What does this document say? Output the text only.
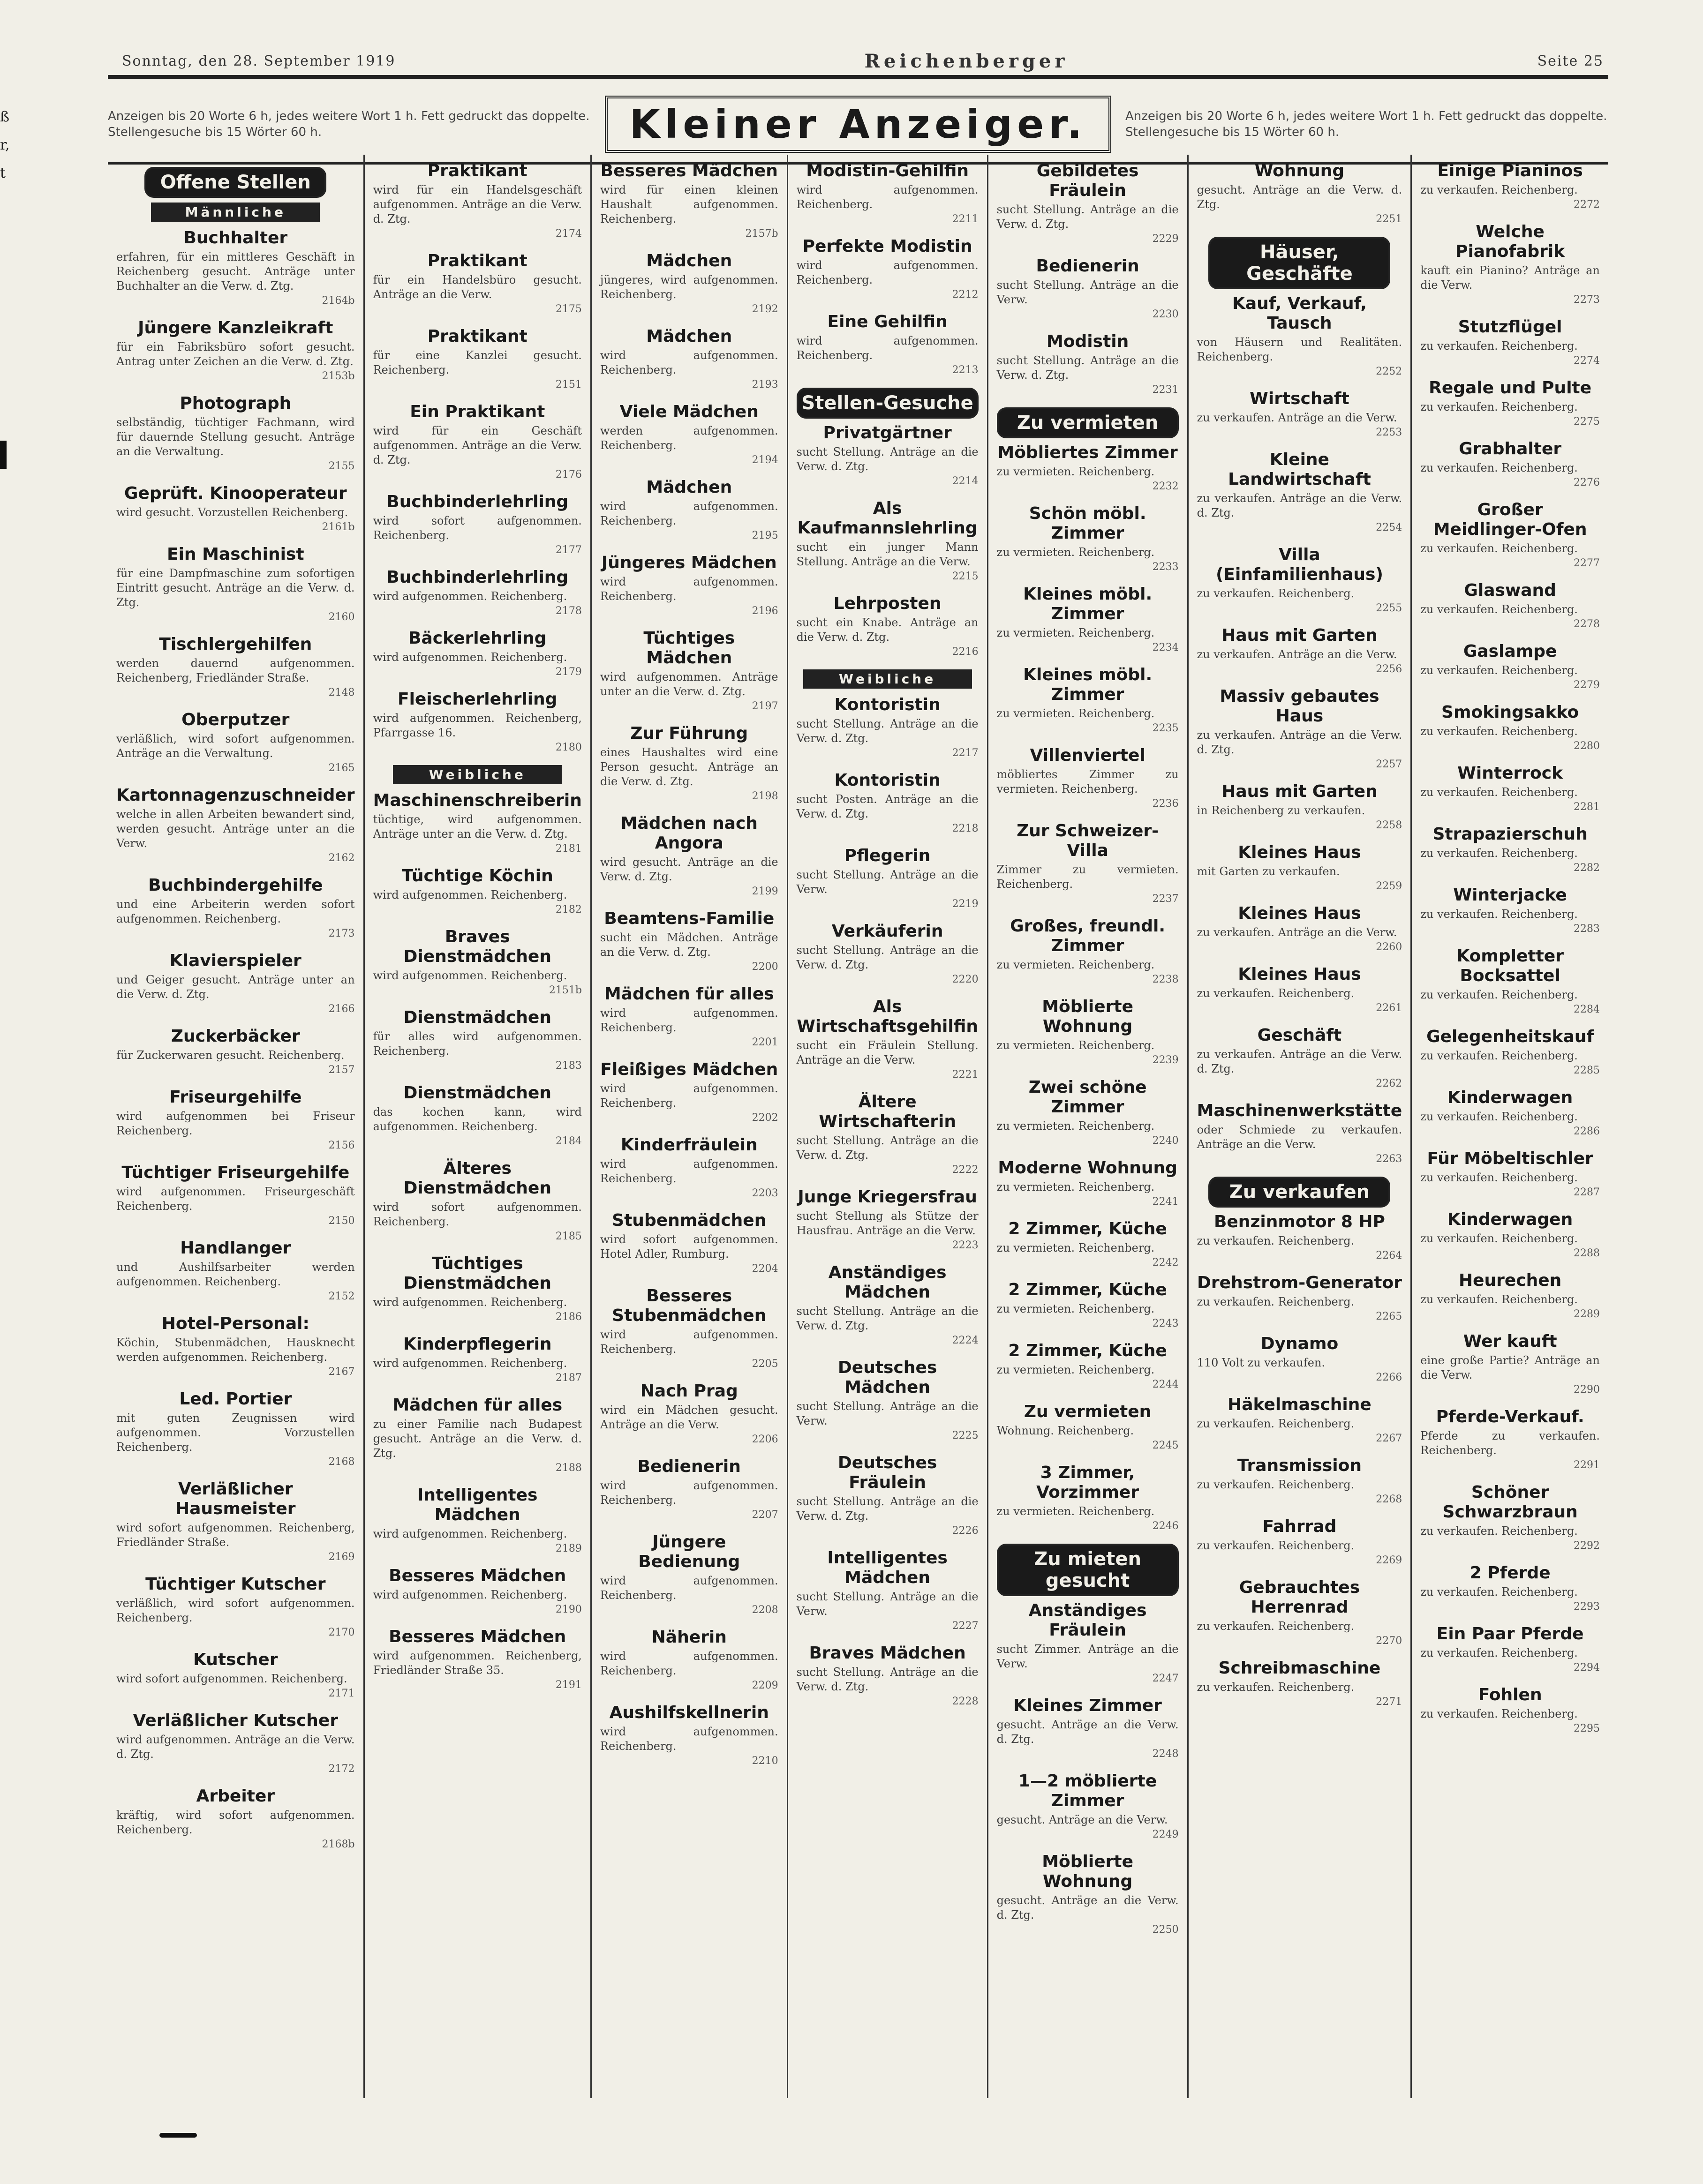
ß
r,
t
Sonntag, den 28. September 1919	Reichenberger	Seite 25
Anzeigen bis 20 Worte 6 h, jedes weitere Wort 1 h. Fett gedruckt das doppelte. Stellengesuche bis 15 Wörter 60 h.	Kleiner Anzeiger.	Anzeigen bis 20 Worte 6 h, jedes weitere Wort 1 h. Fett gedruckt das doppelte. Stellengesuche bis 15 Wörter 60 h.
Offene Stellen
Männliche
Buchhalter

erfahren, für ein mittleres Geschäft in Reichenberg gesucht. Anträge unter Buchhalter an die Verw. d. Ztg.

2164b

Jüngere Kanzleikraft

für ein Fabriksbüro sofort gesucht. Antrag unter Zeichen an die Verw. d. Ztg.

2153b

Photograph

selbständig, tüchtiger Fachmann, wird für dauernde Stellung gesucht. Anträge an die Verwaltung.

2155

Geprüft. Kinooperateur

wird gesucht. Vorzustellen Reichenberg.

2161b

Ein Maschinist

für eine Dampfmaschine zum sofortigen Eintritt gesucht. Anträge an die Verw. d. Ztg.

2160

Tischlergehilfen

werden dauernd aufgenommen. Reichenberg, Friedländer Straße.

2148

Oberputzer

verläßlich, wird sofort aufgenommen. Anträge an die Verwaltung.

2165

Kartonnagenzuschneider

welche in allen Arbeiten bewandert sind, werden gesucht. Anträge unter an die Verw.

2162

Buchbindergehilfe

und eine Arbeiterin werden sofort aufgenommen. Reichenberg.

2173

Klavierspieler

und Geiger gesucht. Anträge unter an die Verw. d. Ztg.

2166

Zuckerbäcker

für Zuckerwaren gesucht. Reichenberg.

2157

Friseurgehilfe

wird aufgenommen bei Friseur Reichenberg.

2156

Tüchtiger Friseurgehilfe

wird aufgenommen. Friseurgeschäft Reichenberg.

2150

Handlanger

und Aushilfsarbeiter werden aufgenommen. Reichenberg.

2152

Hotel-Personal:

Köchin, Stubenmädchen, Hausknecht werden aufgenommen. Reichenberg.

2167

Led. Portier

mit guten Zeugnissen wird aufgenommen. Vorzustellen Reichenberg.

2168

Verläßlicher Hausmeister

wird sofort aufgenommen. Reichenberg, Friedländer Straße.

2169

Tüchtiger Kutscher

verläßlich, wird sofort aufgenommen. Reichenberg.

2170

Kutscher

wird sofort aufgenommen. Reichenberg.

2171

Verläßlicher Kutscher

wird aufgenommen. Anträge an die Verw. d. Ztg.

2172

Arbeiter

kräftig, wird sofort aufgenommen. Reichenberg.

2168b

Praktikant

wird für ein Handelsgeschäft aufgenommen. Anträge an die Verw. d. Ztg.

2174

Praktikant

für ein Handelsbüro gesucht. Anträge an die Verw.

2175

Praktikant

für eine Kanzlei gesucht. Reichenberg.

2151

Ein Praktikant

wird für ein Geschäft aufgenommen. Anträge an die Verw. d. Ztg.

2176

Buchbinderlehrling

wird sofort aufgenommen. Reichenberg.

2177

Buchbinderlehrling

wird aufgenommen. Reichenberg.

2178

Bäckerlehrling

wird aufgenommen. Reichenberg.

2179

Fleischerlehrling

wird aufgenommen. Reichenberg, Pfarrgasse 16.

2180

Weibliche
Maschinenschreiberin

tüchtige, wird aufgenommen. Anträge unter an die Verw. d. Ztg.

2181

Tüchtige Köchin

wird aufgenommen. Reichenberg.

2182

Braves Dienstmädchen

wird aufgenommen. Reichenberg.

2151b

Dienstmädchen

für alles wird aufgenommen. Reichenberg.

2183

Dienstmädchen

das kochen kann, wird aufgenommen. Reichenberg.

2184

Älteres Dienstmädchen

wird sofort aufgenommen. Reichenberg.

2185

Tüchtiges Dienstmädchen

wird aufgenommen. Reichenberg.

2186

Kinderpflegerin

wird aufgenommen. Reichenberg.

2187

Mädchen für alles

zu einer Familie nach Budapest gesucht. Anträge an die Verw. d. Ztg.

2188

Intelligentes Mädchen

wird aufgenommen. Reichenberg.

2189

Besseres Mädchen

wird aufgenommen. Reichenberg.

2190

Besseres Mädchen

wird aufgenommen. Reichenberg, Friedländer Straße 35.

2191

Besseres Mädchen

wird für einen kleinen Haushalt aufgenommen. Reichenberg.

2157b

Mädchen

jüngeres, wird aufgenommen. Reichenberg.

2192

Mädchen

wird aufgenommen. Reichenberg.

2193

Viele Mädchen

werden aufgenommen. Reichenberg.

2194

Mädchen

wird aufgenommen. Reichenberg.

2195

Jüngeres Mädchen

wird aufgenommen. Reichenberg.

2196

Tüchtiges Mädchen

wird aufgenommen. Anträge unter an die Verw. d. Ztg.

2197

Zur Führung

eines Haushaltes wird eine Person gesucht. Anträge an die Verw. d. Ztg.

2198

Mädchen nach Angora

wird gesucht. Anträge an die Verw. d. Ztg.

2199

Beamtens-Familie

sucht ein Mädchen. Anträge an die Verw. d. Ztg.

2200

Mädchen für alles

wird aufgenommen. Reichenberg.

2201

Fleißiges Mädchen

wird aufgenommen. Reichenberg.

2202

Kinderfräulein

wird aufgenommen. Reichenberg.

2203

Stubenmädchen

wird sofort aufgenommen. Hotel Adler, Rumburg.

2204

Besseres Stubenmädchen

wird aufgenommen. Reichenberg.

2205

Nach Prag

wird ein Mädchen gesucht. Anträge an die Verw.

2206

Bedienerin

wird aufgenommen. Reichenberg.

2207

Jüngere Bedienung

wird aufgenommen. Reichenberg.

2208

Näherin

wird aufgenommen. Reichenberg.

2209

Aushilfskellnerin

wird aufgenommen. Reichenberg.

2210

Modistin-Gehilfin

wird aufgenommen. Reichenberg.

2211

Perfekte Modistin

wird aufgenommen. Reichenberg.

2212

Eine Gehilfin

wird aufgenommen. Reichenberg.

2213

Stellen-Gesuche
Privatgärtner

sucht Stellung. Anträge an die Verw. d. Ztg.

2214

Als Kaufmannslehrling

sucht ein junger Mann Stellung. Anträge an die Verw.

2215

Lehrposten

sucht ein Knabe. Anträge an die Verw. d. Ztg.

2216

Weibliche
Kontoristin

sucht Stellung. Anträge an die Verw. d. Ztg.

2217

Kontoristin

sucht Posten. Anträge an die Verw. d. Ztg.

2218

Pflegerin

sucht Stellung. Anträge an die Verw.

2219

Verkäuferin

sucht Stellung. Anträge an die Verw. d. Ztg.

2220

Als Wirtschaftsgehilfin

sucht ein Fräulein Stellung. Anträge an die Verw.

2221

Ältere Wirtschafterin

sucht Stellung. Anträge an die Verw. d. Ztg.

2222

Junge Kriegersfrau

sucht Stellung als Stütze der Hausfrau. Anträge an die Verw.

2223

Anständiges Mädchen

sucht Stellung. Anträge an die Verw. d. Ztg.

2224

Deutsches Mädchen

sucht Stellung. Anträge an die Verw.

2225

Deutsches Fräulein

sucht Stellung. Anträge an die Verw. d. Ztg.

2226

Intelligentes Mädchen

sucht Stellung. Anträge an die Verw.

2227

Braves Mädchen

sucht Stellung. Anträge an die Verw. d. Ztg.

2228

Gebildetes Fräulein

sucht Stellung. Anträge an die Verw. d. Ztg.

2229

Bedienerin

sucht Stellung. Anträge an die Verw.

2230

Modistin

sucht Stellung. Anträge an die Verw. d. Ztg.

2231

Zu vermieten
Möbliertes Zimmer

zu vermieten. Reichenberg.

2232

Schön möbl. Zimmer

zu vermieten. Reichenberg.

2233

Kleines möbl. Zimmer

zu vermieten. Reichenberg.

2234

Kleines möbl. Zimmer

zu vermieten. Reichenberg.

2235

Villenviertel

möbliertes Zimmer zu vermieten. Reichenberg.

2236

Zur Schweizer-Villa

Zimmer zu vermieten. Reichenberg.

2237

Großes, freundl. Zimmer

zu vermieten. Reichenberg.

2238

Möblierte Wohnung

zu vermieten. Reichenberg.

2239

Zwei schöne Zimmer

zu vermieten. Reichenberg.

2240

Moderne Wohnung

zu vermieten. Reichenberg.

2241

2 Zimmer, Küche

zu vermieten. Reichenberg.

2242

2 Zimmer, Küche

zu vermieten. Reichenberg.

2243

2 Zimmer, Küche

zu vermieten. Reichenberg.

2244

Zu vermieten

Wohnung. Reichenberg.

2245

3 Zimmer, Vorzimmer

zu vermieten. Reichenberg.

2246

Zu mieten gesucht
Anständiges Fräulein

sucht Zimmer. Anträge an die Verw.

2247

Kleines Zimmer

gesucht. Anträge an die Verw. d. Ztg.

2248

1—2 möblierte Zimmer

gesucht. Anträge an die Verw.

2249

Möblierte Wohnung

gesucht. Anträge an die Verw. d. Ztg.

2250

Wohnung

gesucht. Anträge an die Verw. d. Ztg.

2251

Häuser, Geschäfte
Kauf, Verkauf, Tausch

von Häusern und Realitäten. Reichenberg.

2252

Wirtschaft

zu verkaufen. Anträge an die Verw.

2253

Kleine Landwirtschaft

zu verkaufen. Anträge an die Verw. d. Ztg.

2254

Villa (Einfamilienhaus)

zu verkaufen. Reichenberg.

2255

Haus mit Garten

zu verkaufen. Anträge an die Verw.

2256

Massiv gebautes Haus

zu verkaufen. Anträge an die Verw. d. Ztg.

2257

Haus mit Garten

in Reichenberg zu verkaufen.

2258

Kleines Haus

mit Garten zu verkaufen.

2259

Kleines Haus

zu verkaufen. Anträge an die Verw.

2260

Kleines Haus

zu verkaufen. Reichenberg.

2261

Geschäft

zu verkaufen. Anträge an die Verw. d. Ztg.

2262

Maschinenwerkstätte

oder Schmiede zu verkaufen. Anträge an die Verw.

2263

Zu verkaufen
Benzinmotor 8 HP

zu verkaufen. Reichenberg.

2264

Drehstrom-Generator

zu verkaufen. Reichenberg.

2265

Dynamo

110 Volt zu verkaufen.

2266

Häkelmaschine

zu verkaufen. Reichenberg.

2267

Transmission

zu verkaufen. Reichenberg.

2268

Fahrrad

zu verkaufen. Reichenberg.

2269

Gebrauchtes Herrenrad

zu verkaufen. Reichenberg.

2270

Schreibmaschine

zu verkaufen. Reichenberg.

2271

Einige Pianinos

zu verkaufen. Reichenberg.

2272

Welche Pianofabrik

kauft ein Pianino? Anträge an die Verw.

2273

Stutzflügel

zu verkaufen. Reichenberg.

2274

Regale und Pulte

zu verkaufen. Reichenberg.

2275

Grabhalter

zu verkaufen. Reichenberg.

2276

Großer Meidlinger-Ofen

zu verkaufen. Reichenberg.

2277

Glaswand

zu verkaufen. Reichenberg.

2278

Gaslampe

zu verkaufen. Reichenberg.

2279

Smokingsakko

zu verkaufen. Reichenberg.

2280

Winterrock

zu verkaufen. Reichenberg.

2281

Strapazierschuh

zu verkaufen. Reichenberg.

2282

Winterjacke

zu verkaufen. Reichenberg.

2283

Kompletter Bocksattel

zu verkaufen. Reichenberg.

2284

Gelegenheitskauf

zu verkaufen. Reichenberg.

2285

Kinderwagen

zu verkaufen. Reichenberg.

2286

Für Möbeltischler

zu verkaufen. Reichenberg.

2287

Kinderwagen

zu verkaufen. Reichenberg.

2288

Heurechen

zu verkaufen. Reichenberg.

2289

Wer kauft

eine große Partie? Anträge an die Verw.

2290

Pferde-Verkauf.

Pferde zu verkaufen. Reichenberg.

2291

Schöner Schwarzbraun

zu verkaufen. Reichenberg.

2292

2 Pferde

zu verkaufen. Reichenberg.

2293

Ein Paar Pferde

zu verkaufen. Reichenberg.

2294

Fohlen

zu verkaufen. Reichenberg.

2295
